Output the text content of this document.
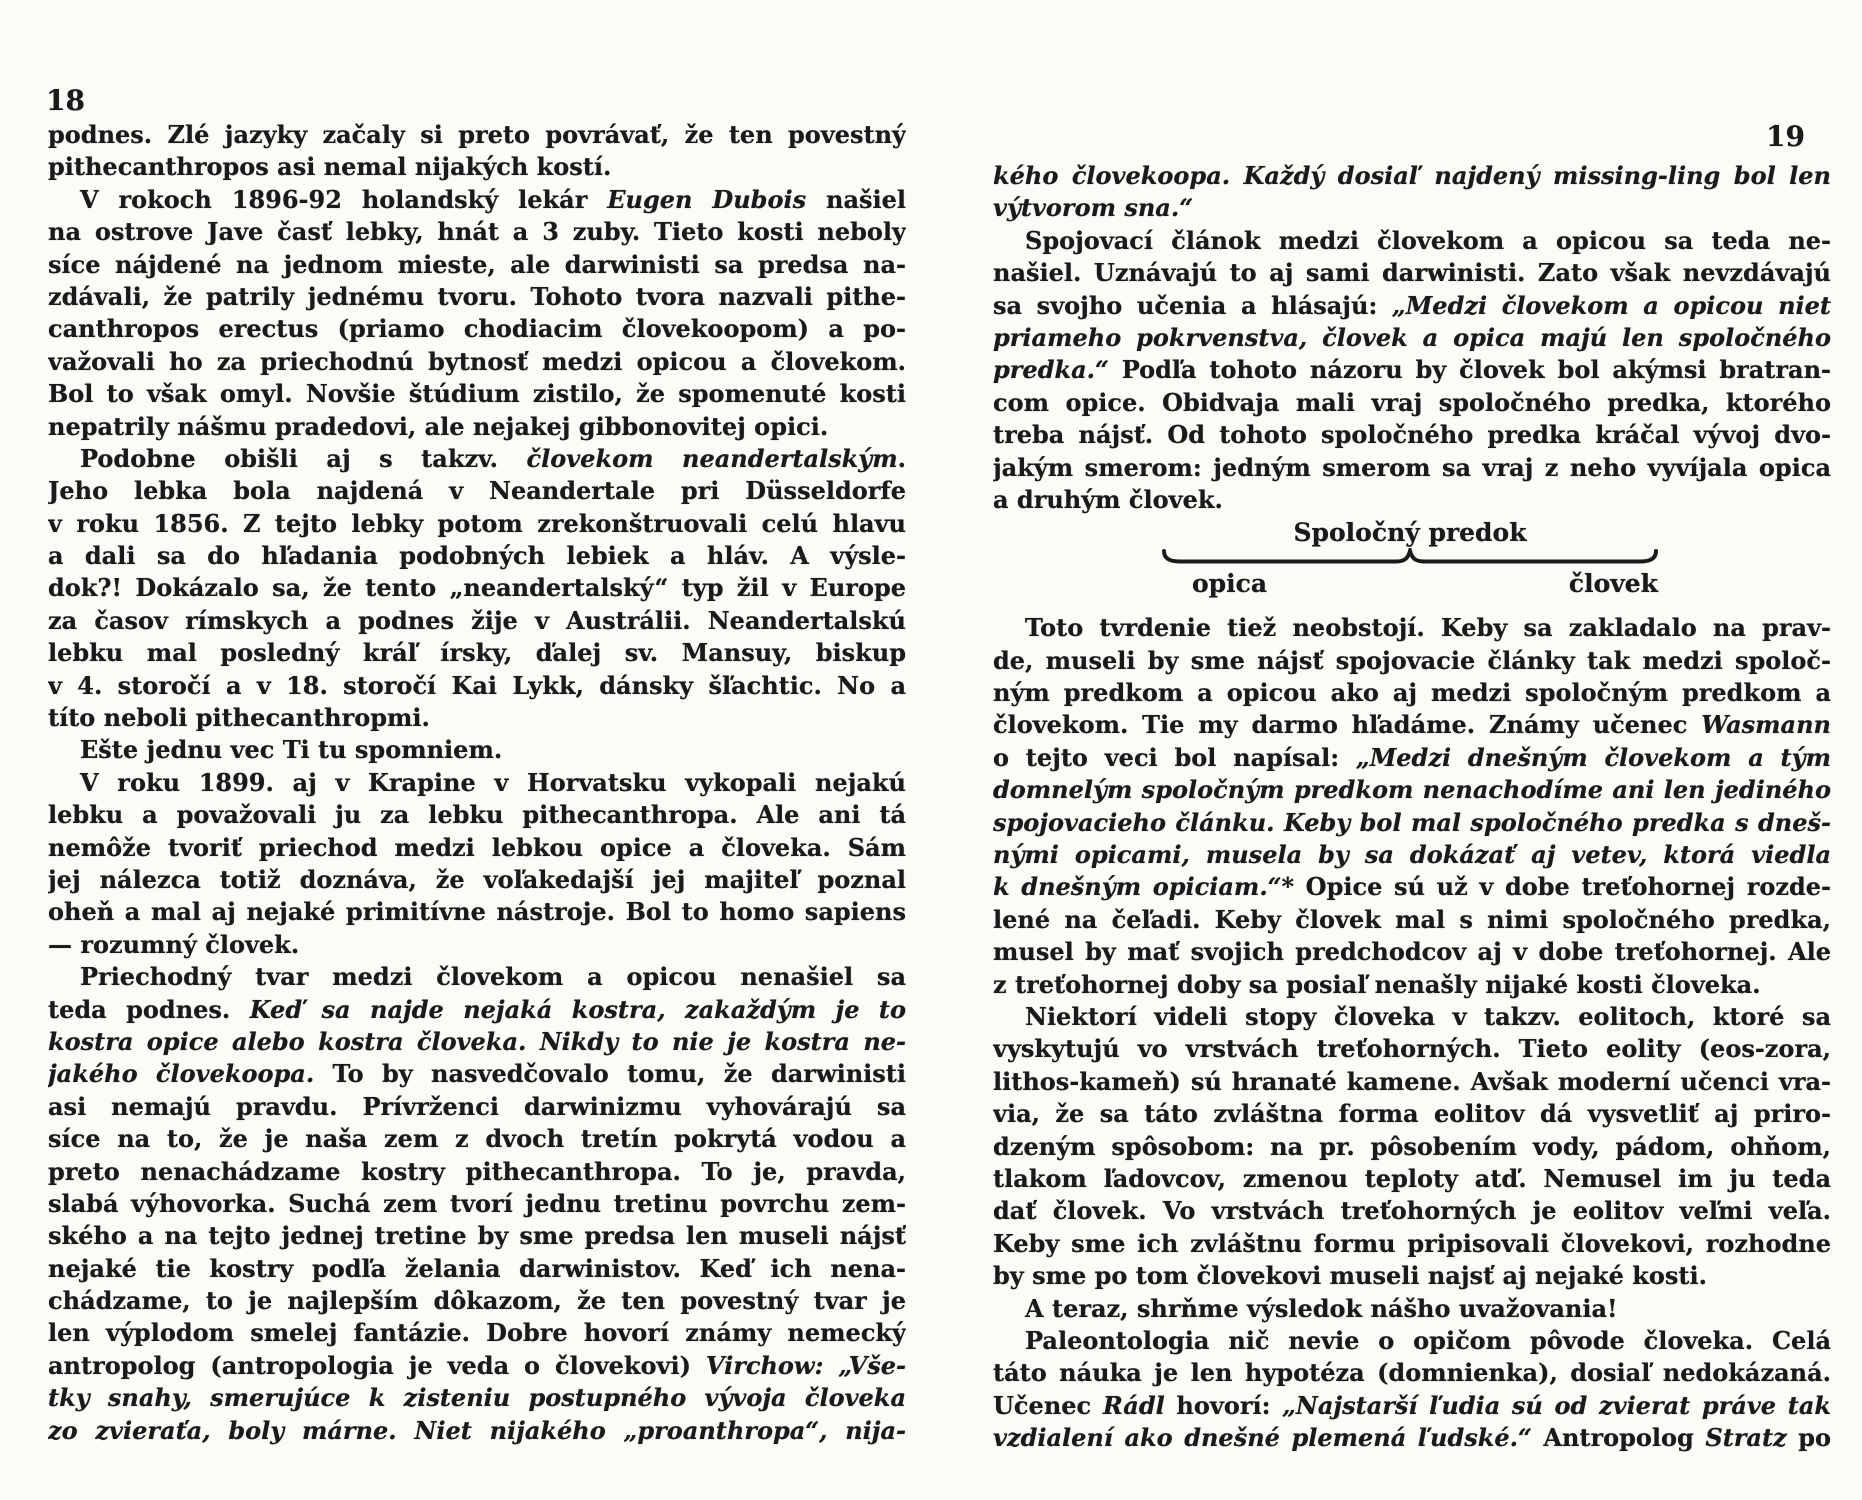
18
19
podnes. Zlé jazyky začaly si preto povrávať, že ten povestný
pithecanthropos asi nemal nijakých kostí.
V rokoch 1896-92 holandský lekár Eugen Dubois našiel
na ostrove Jave časť lebky, hnát a 3 zuby. Tieto kosti neboly
síce nájdené na jednom mieste, ale darwinisti sa predsa na-
zdávali, že patrily jednému tvoru. Tohoto tvora nazvali pithe-
canthropos erectus (priamo chodiacim človekoopom) a po-
važovali ho za priechodnú bytnosť medzi opicou a človekom.
Bol to však omyl. Novšie štúdium zistilo, že spomenuté kosti
nepatrily nášmu pradedovi, ale nejakej gibbonovitej opici.
Podobne obišli aj s takzv. človekom neandertalským.
Jeho lebka bola najdená v Neandertale pri Düsseldorfe
v roku 1856. Z tejto lebky potom zrekonštruovali celú hlavu
a dali sa do hľadania podobných lebiek a hláv. A výsle-
dok?! Dokázalo sa, že tento „neandertalský“ typ žil v Europe
za časov rímskych a podnes žije v Austrálii. Neandertalskú
lebku mal posledný kráľ írsky, ďalej sv. Mansuy, biskup
v 4. storočí a v 18. storočí Kai Lykk, dánsky šľachtic. No a
títo neboli pithecanthropmi.
Ešte jednu vec Ti tu spomniem.
V roku 1899. aj v Krapine v Horvatsku vykopali nejakú
lebku a považovali ju za lebku pithecanthropa. Ale ani tá
nemôže tvoriť priechod medzi lebkou opice a človeka. Sám
jej nálezca totiž doznáva, že voľakedajší jej majiteľ poznal
oheň a mal aj nejaké primitívne nástroje. Bol to homo sapiens
— rozumný človek.
Priechodný tvar medzi človekom a opicou nenašiel sa
teda podnes. Keď sa najde nejaká kostra, zakaždým je to
kostra opice alebo kostra človeka. Nikdy to nie je kostra ne-
jakého človekoopa. To by nasvedčovalo tomu, že darwinisti
asi nemajú pravdu. Prívrženci darwinizmu vyhovárajú sa
síce na to, že je naša zem z dvoch tretín pokrytá vodou a
preto nenachádzame kostry pithecanthropa. To je, pravda,
slabá výhovorka. Suchá zem tvorí jednu tretinu povrchu zem-
ského a na tejto jednej tretine by sme predsa len museli nájsť
nejaké tie kostry podľa želania darwinistov. Keď ich nena-
chádzame, to je najlepším dôkazom, že ten povestný tvar je
len výplodom smelej fantázie. Dobre hovorí známy nemecký
antropolog (antropologia je veda o človekovi) Virchow: „Vše-
tky snahy, smerujúce k zisteniu postupného vývoja človeka
zo zvieraťa, boly márne. Niet nijakého „proanthropa“, nija-
kého človekoopa. Každý dosiaľ najdený missing-ling bol len
výtvorom sna.“
Spojovací článok medzi človekom a opicou sa teda ne-
našiel. Uznávajú to aj sami darwinisti. Zato však nevzdávajú
sa svojho učenia a hlásajú: „Medzi človekom a opicou niet
priameho pokrvenstva, človek a opica majú len spoločného
predka.“ Podľa tohoto názoru by človek bol akýmsi bratran-
com opice. Obidvaja mali vraj spoločného predka, ktorého
treba nájsť. Od tohoto spoločného predka kráčal vývoj dvo-
jakým smerom: jedným smerom sa vraj z neho vyvíjala opica
a druhým človek.
Spoločný predok
opica	človek
Toto tvrdenie tiež neobstojí. Keby sa zakladalo na prav-
de, museli by sme nájsť spojovacie články tak medzi spoloč-
ným predkom a opicou ako aj medzi spoločným predkom a
človekom. Tie my darmo hľadáme. Známy učenec Wasmann
o tejto veci bol napísal: „Medzi dnešným človekom a tým
domnelým spoločným predkom nenachodíme ani len jediného
spojovacieho článku. Keby bol mal spoločného predka s dneš-
nými opicami, musela by sa dokázať aj vetev, ktorá viedla
k dnešným opiciam.“* Opice sú už v dobe treťohornej rozde-
lené na čeľadi. Keby človek mal s nimi spoločného predka,
musel by mať svojich predchodcov aj v dobe treťohornej. Ale
z treťohornej doby sa posiaľ nenašly nijaké kosti človeka.
Niektorí videli stopy človeka v takzv. eolitoch, ktoré sa
vyskytujú vo vrstvách treťohorných. Tieto eolity (eos-zora,
lithos-kameň) sú hranaté kamene. Avšak moderní učenci vra-
via, že sa táto zvláštna forma eolitov dá vysvetliť aj priro-
dzeným spôsobom: na pr. pôsobením vody, pádom, ohňom,
tlakom ľadovcov, zmenou teploty atď. Nemusel im ju teda
dať človek. Vo vrstvách treťohorných je eolitov veľmi veľa.
Keby sme ich zvláštnu formu pripisovali človekovi, rozhodne
by sme po tom človekovi museli najsť aj nejaké kosti.
A teraz, shrňme výsledok nášho uvažovania!
Paleontologia nič nevie o opičom pôvode človeka. Celá
táto náuka je len hypotéza (domnienka), dosiaľ nedokázaná.
Učenec Rádl hovorí: „Najstarší ľudia sú od zvierat práve tak
vzdialení ako dnešné plemená ľudské.“ Antropolog Stratz po
